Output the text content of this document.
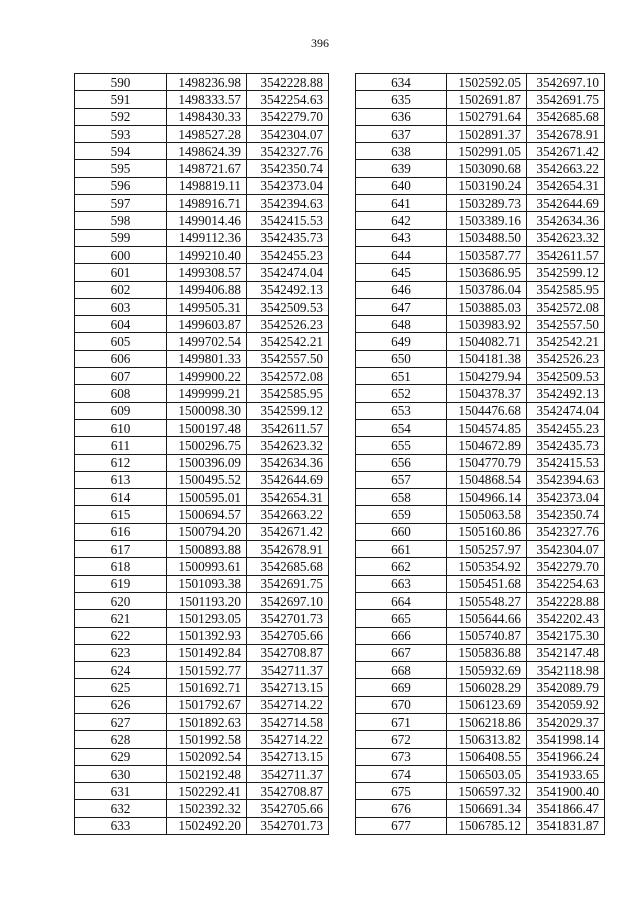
396
590	1498236.98	3542228.88
591	1498333.57	3542254.63
592	1498430.33	3542279.70
593	1498527.28	3542304.07
594	1498624.39	3542327.76
595	1498721.67	3542350.74
596	1498819.11	3542373.04
597	1498916.71	3542394.63
598	1499014.46	3542415.53
599	1499112.36	3542435.73
600	1499210.40	3542455.23
601	1499308.57	3542474.04
602	1499406.88	3542492.13
603	1499505.31	3542509.53
604	1499603.87	3542526.23
605	1499702.54	3542542.21
606	1499801.33	3542557.50
607	1499900.22	3542572.08
608	1499999.21	3542585.95
609	1500098.30	3542599.12
610	1500197.48	3542611.57
611	1500296.75	3542623.32
612	1500396.09	3542634.36
613	1500495.52	3542644.69
614	1500595.01	3542654.31
615	1500694.57	3542663.22
616	1500794.20	3542671.42
617	1500893.88	3542678.91
618	1500993.61	3542685.68
619	1501093.38	3542691.75
620	1501193.20	3542697.10
621	1501293.05	3542701.73
622	1501392.93	3542705.66
623	1501492.84	3542708.87
624	1501592.77	3542711.37
625	1501692.71	3542713.15
626	1501792.67	3542714.22
627	1501892.63	3542714.58
628	1501992.58	3542714.22
629	1502092.54	3542713.15
630	1502192.48	3542711.37
631	1502292.41	3542708.87
632	1502392.32	3542705.66
633	1502492.20	3542701.73
634	1502592.05	3542697.10
635	1502691.87	3542691.75
636	1502791.64	3542685.68
637	1502891.37	3542678.91
638	1502991.05	3542671.42
639	1503090.68	3542663.22
640	1503190.24	3542654.31
641	1503289.73	3542644.69
642	1503389.16	3542634.36
643	1503488.50	3542623.32
644	1503587.77	3542611.57
645	1503686.95	3542599.12
646	1503786.04	3542585.95
647	1503885.03	3542572.08
648	1503983.92	3542557.50
649	1504082.71	3542542.21
650	1504181.38	3542526.23
651	1504279.94	3542509.53
652	1504378.37	3542492.13
653	1504476.68	3542474.04
654	1504574.85	3542455.23
655	1504672.89	3542435.73
656	1504770.79	3542415.53
657	1504868.54	3542394.63
658	1504966.14	3542373.04
659	1505063.58	3542350.74
660	1505160.86	3542327.76
661	1505257.97	3542304.07
662	1505354.92	3542279.70
663	1505451.68	3542254.63
664	1505548.27	3542228.88
665	1505644.66	3542202.43
666	1505740.87	3542175.30
667	1505836.88	3542147.48
668	1505932.69	3542118.98
669	1506028.29	3542089.79
670	1506123.69	3542059.92
671	1506218.86	3542029.37
672	1506313.82	3541998.14
673	1506408.55	3541966.24
674	1506503.05	3541933.65
675	1506597.32	3541900.40
676	1506691.34	3541866.47
677	1506785.12	3541831.87
